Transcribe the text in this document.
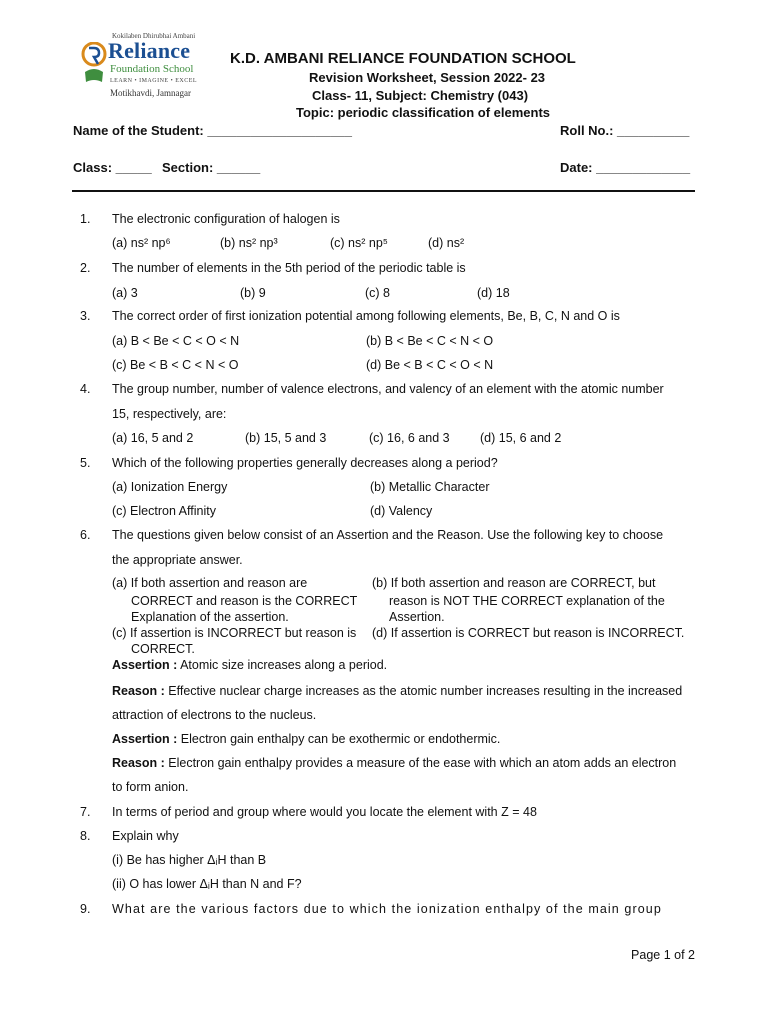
Kokilaben Dhirubhai Ambani
Reliance
Foundation School
LEARN • IMAGINE • EXCEL
Motikhavdi, Jamnagar
K.D. AMBANI RELIANCE FOUNDATION SCHOOL
Revision Worksheet, Session 2022- 23
Class- 11, Subject: Chemistry (043)
Topic: periodic classification of elements
Name of the Student: ____________________	Roll No.: __________
Class: _____ Section: ______	Date: _____________
1. The electronic configuration of halogen is
(a) ns² np⁶	(b) ns² np³	(c) ns² np⁵	(d) ns²
2. The number of elements in the 5th period of the periodic table is
(a) 3	(b) 9	(c) 8	(d) 18
3. The correct order of first ionization potential among following elements, Be, B, C, N and O is
(a) B < Be < C < O < N	(b) B < Be < C < N < O
(c) Be < B < C < N < O	(d) Be < B < C < O < N
4. The group number, number of valence electrons, and valency of an element with the atomic number
15, respectively, are:
(a) 16, 5 and 2	(b) 15, 5 and 3	(c) 16, 6 and 3 (d) 15, 6 and 2
5. Which of the following properties generally decreases along a period?
(a) Ionization Energy	(b) Metallic Character
(c) Electron Affinity	(d) Valency
6. The questions given below consist of an Assertion and the Reason. Use the following key to choose
the appropriate answer.
(a) If both assertion and reason are
CORRECT and reason is the CORRECT
Explanation of the assertion.
(b) If both assertion and reason are CORRECT, but
reason is NOT THE CORRECT explanation of the
Assertion.
(c) If assertion is INCORRECT but reason is
CORRECT.
(d) If assertion is CORRECT but reason is INCORRECT.
Assertion : Atomic size increases along a period.
Reason : Effective nuclear charge increases as the atomic number increases resulting in the increased
attraction of electrons to the nucleus.
Assertion : Electron gain enthalpy can be exothermic or endothermic.
Reason : Electron gain enthalpy provides a measure of the ease with which an atom adds an electron
to form anion.
7. In terms of period and group where would you locate the element with Z = 48
8. Explain why
(i) Be has higher ΔᵢH than B
(ii) O has lower ΔᵢH than N and F?
9. What are the various factors due to which the ionization enthalpy of the main group
Page 1 of 2
